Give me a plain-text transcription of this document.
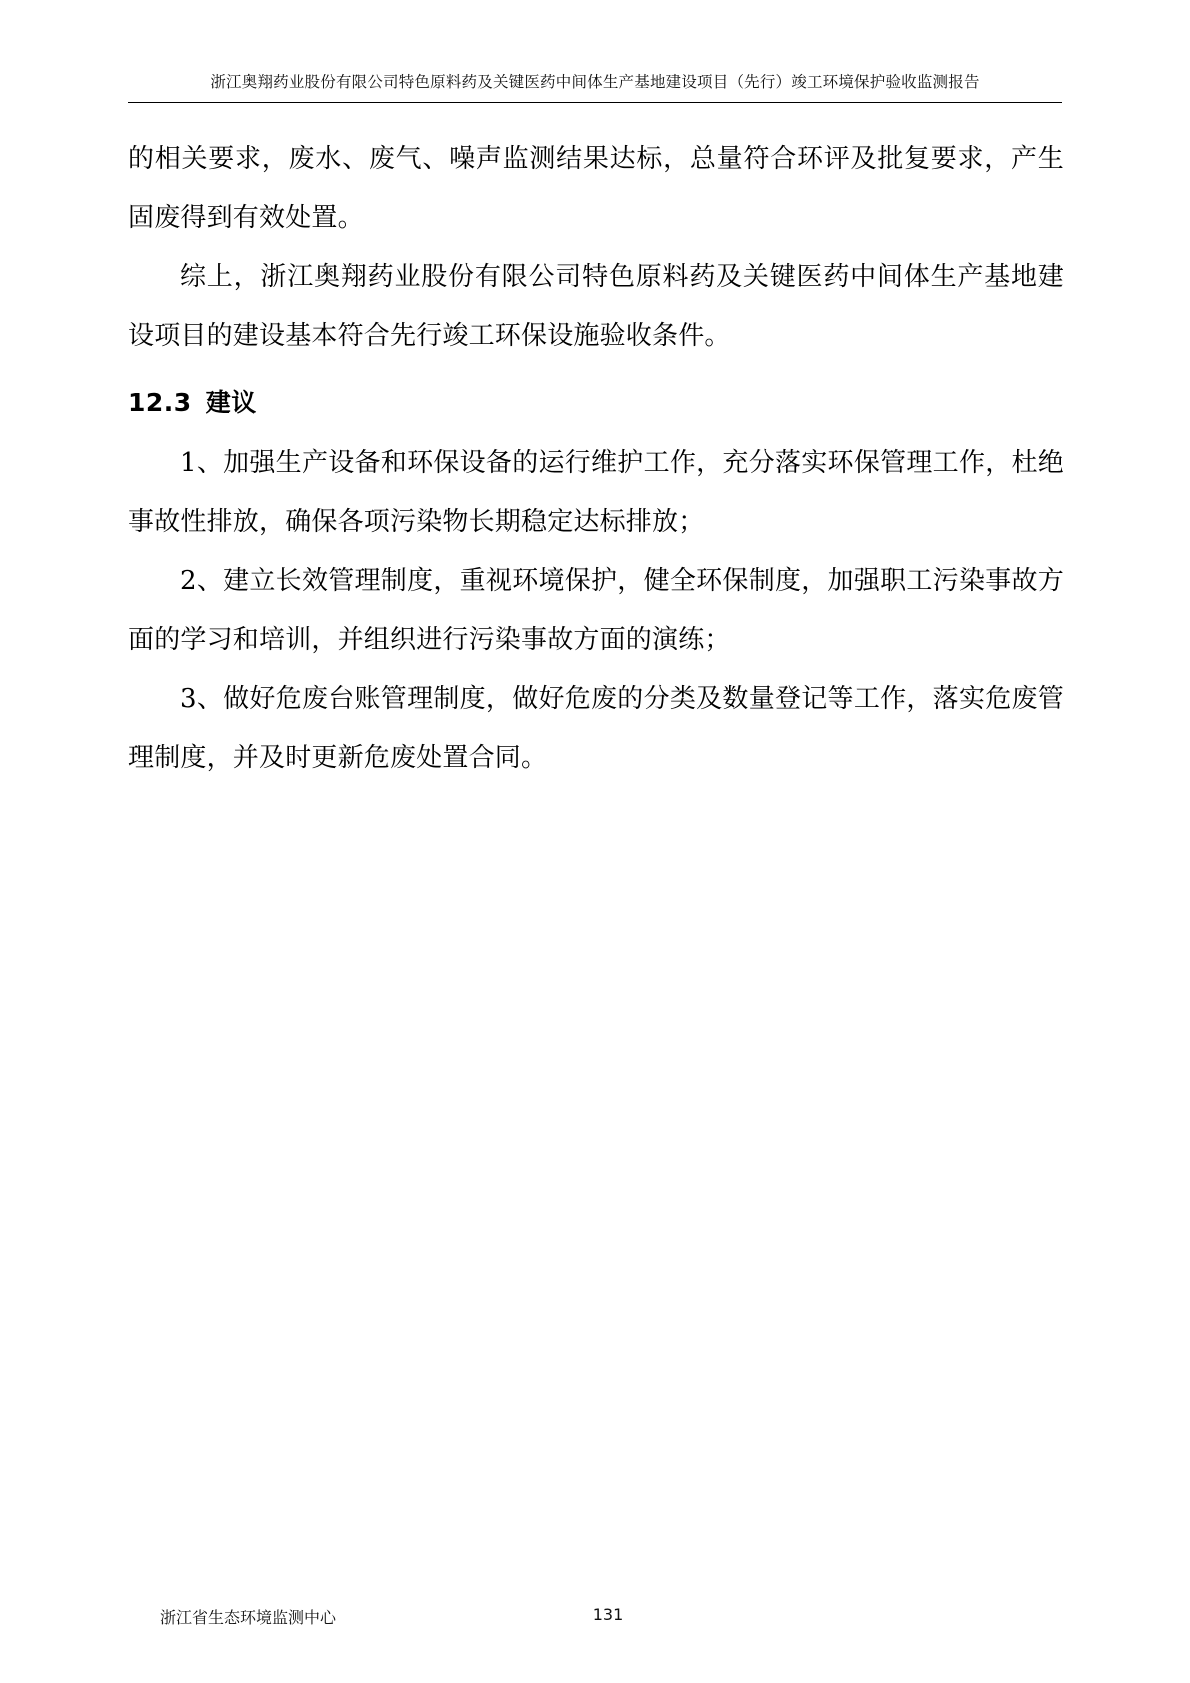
浙江奥翔药业股份有限公司特色原料药及关键医药中间体生产基地建设项目（先行）竣工环境保护验收监测报告

的相关要求，废水、废气、噪声监测结果达标，总量符合环评及批复要求，产生固废得到有效处置。

综上，浙江奥翔药业股份有限公司特色原料药及关键医药中间体生产基地建设项目的建设基本符合先行竣工环保设施验收条件。

12.3 建议

1、加强生产设备和环保设备的运行维护工作，充分落实环保管理工作，杜绝事故性排放，确保各项污染物长期稳定达标排放；

2、建立长效管理制度，重视环境保护，健全环保制度，加强职工污染事故方面的学习和培训，并组织进行污染事故方面的演练；

3、做好危废台账管理制度，做好危废的分类及数量登记等工作，落实危废管理制度，并及时更新危废处置合同。

浙江省生态环境监测中心	131
